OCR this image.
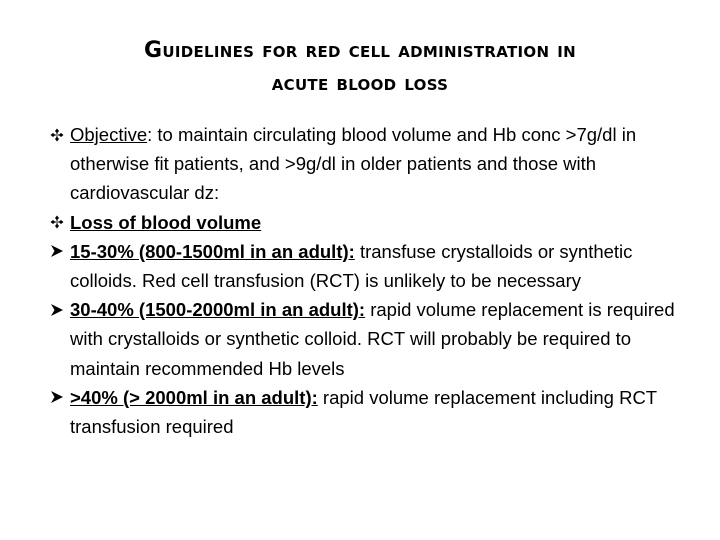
Guidelines for red cell administration in
acute blood loss
Objective: to maintain circulating blood volume and Hb conc >7g/dl in otherwise fit patients, and >9g/dl in older patients and those with cardiovascular dz:
Loss of blood volume
15-30% (800-1500ml in an adult): transfuse crystalloids or synthetic colloids. Red cell transfusion (RCT) is unlikely to be necessary
30-40% (1500-2000ml in an adult): rapid volume replacement is required with crystalloids or synthetic colloid. RCT will probably be required to maintain recommended Hb levels
>40% (> 2000ml in an adult): rapid volume replacement including RCT transfusion required
